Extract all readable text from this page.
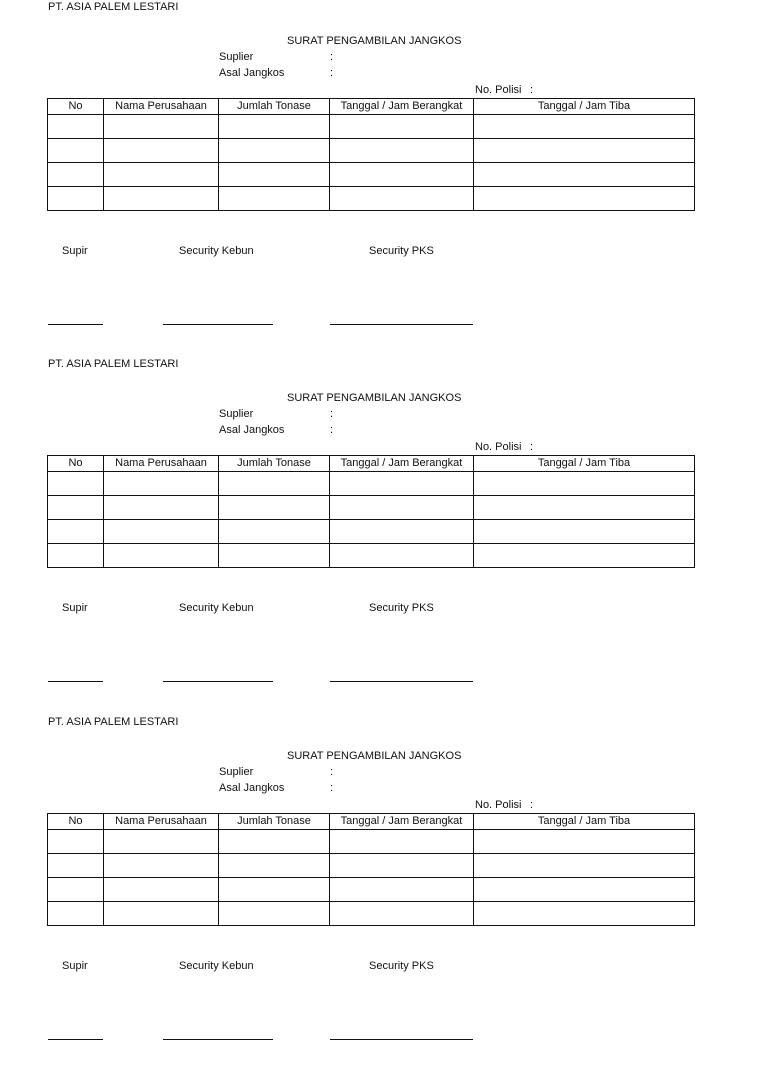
PT. ASIA PALEM LESTARI
SURAT PENGAMBILAN JANGKOS
Suplier	:
Asal Jangkos	:
No. Polisi :
No	Nama Perusahaan	Jumlah Tonase	Tanggal / Jam Berangkat	Tanggal / Jam Tiba

Supir	Security Kebun	Security PKS
PT. ASIA PALEM LESTARI
SURAT PENGAMBILAN JANGKOS
Suplier	:
Asal Jangkos	:
No. Polisi :
No	Nama Perusahaan	Jumlah Tonase	Tanggal / Jam Berangkat	Tanggal / Jam Tiba

Supir	Security Kebun	Security PKS
PT. ASIA PALEM LESTARI
SURAT PENGAMBILAN JANGKOS
Suplier	:
Asal Jangkos	:
No. Polisi :
No	Nama Perusahaan	Jumlah Tonase	Tanggal / Jam Berangkat	Tanggal / Jam Tiba

Supir	Security Kebun	Security PKS
